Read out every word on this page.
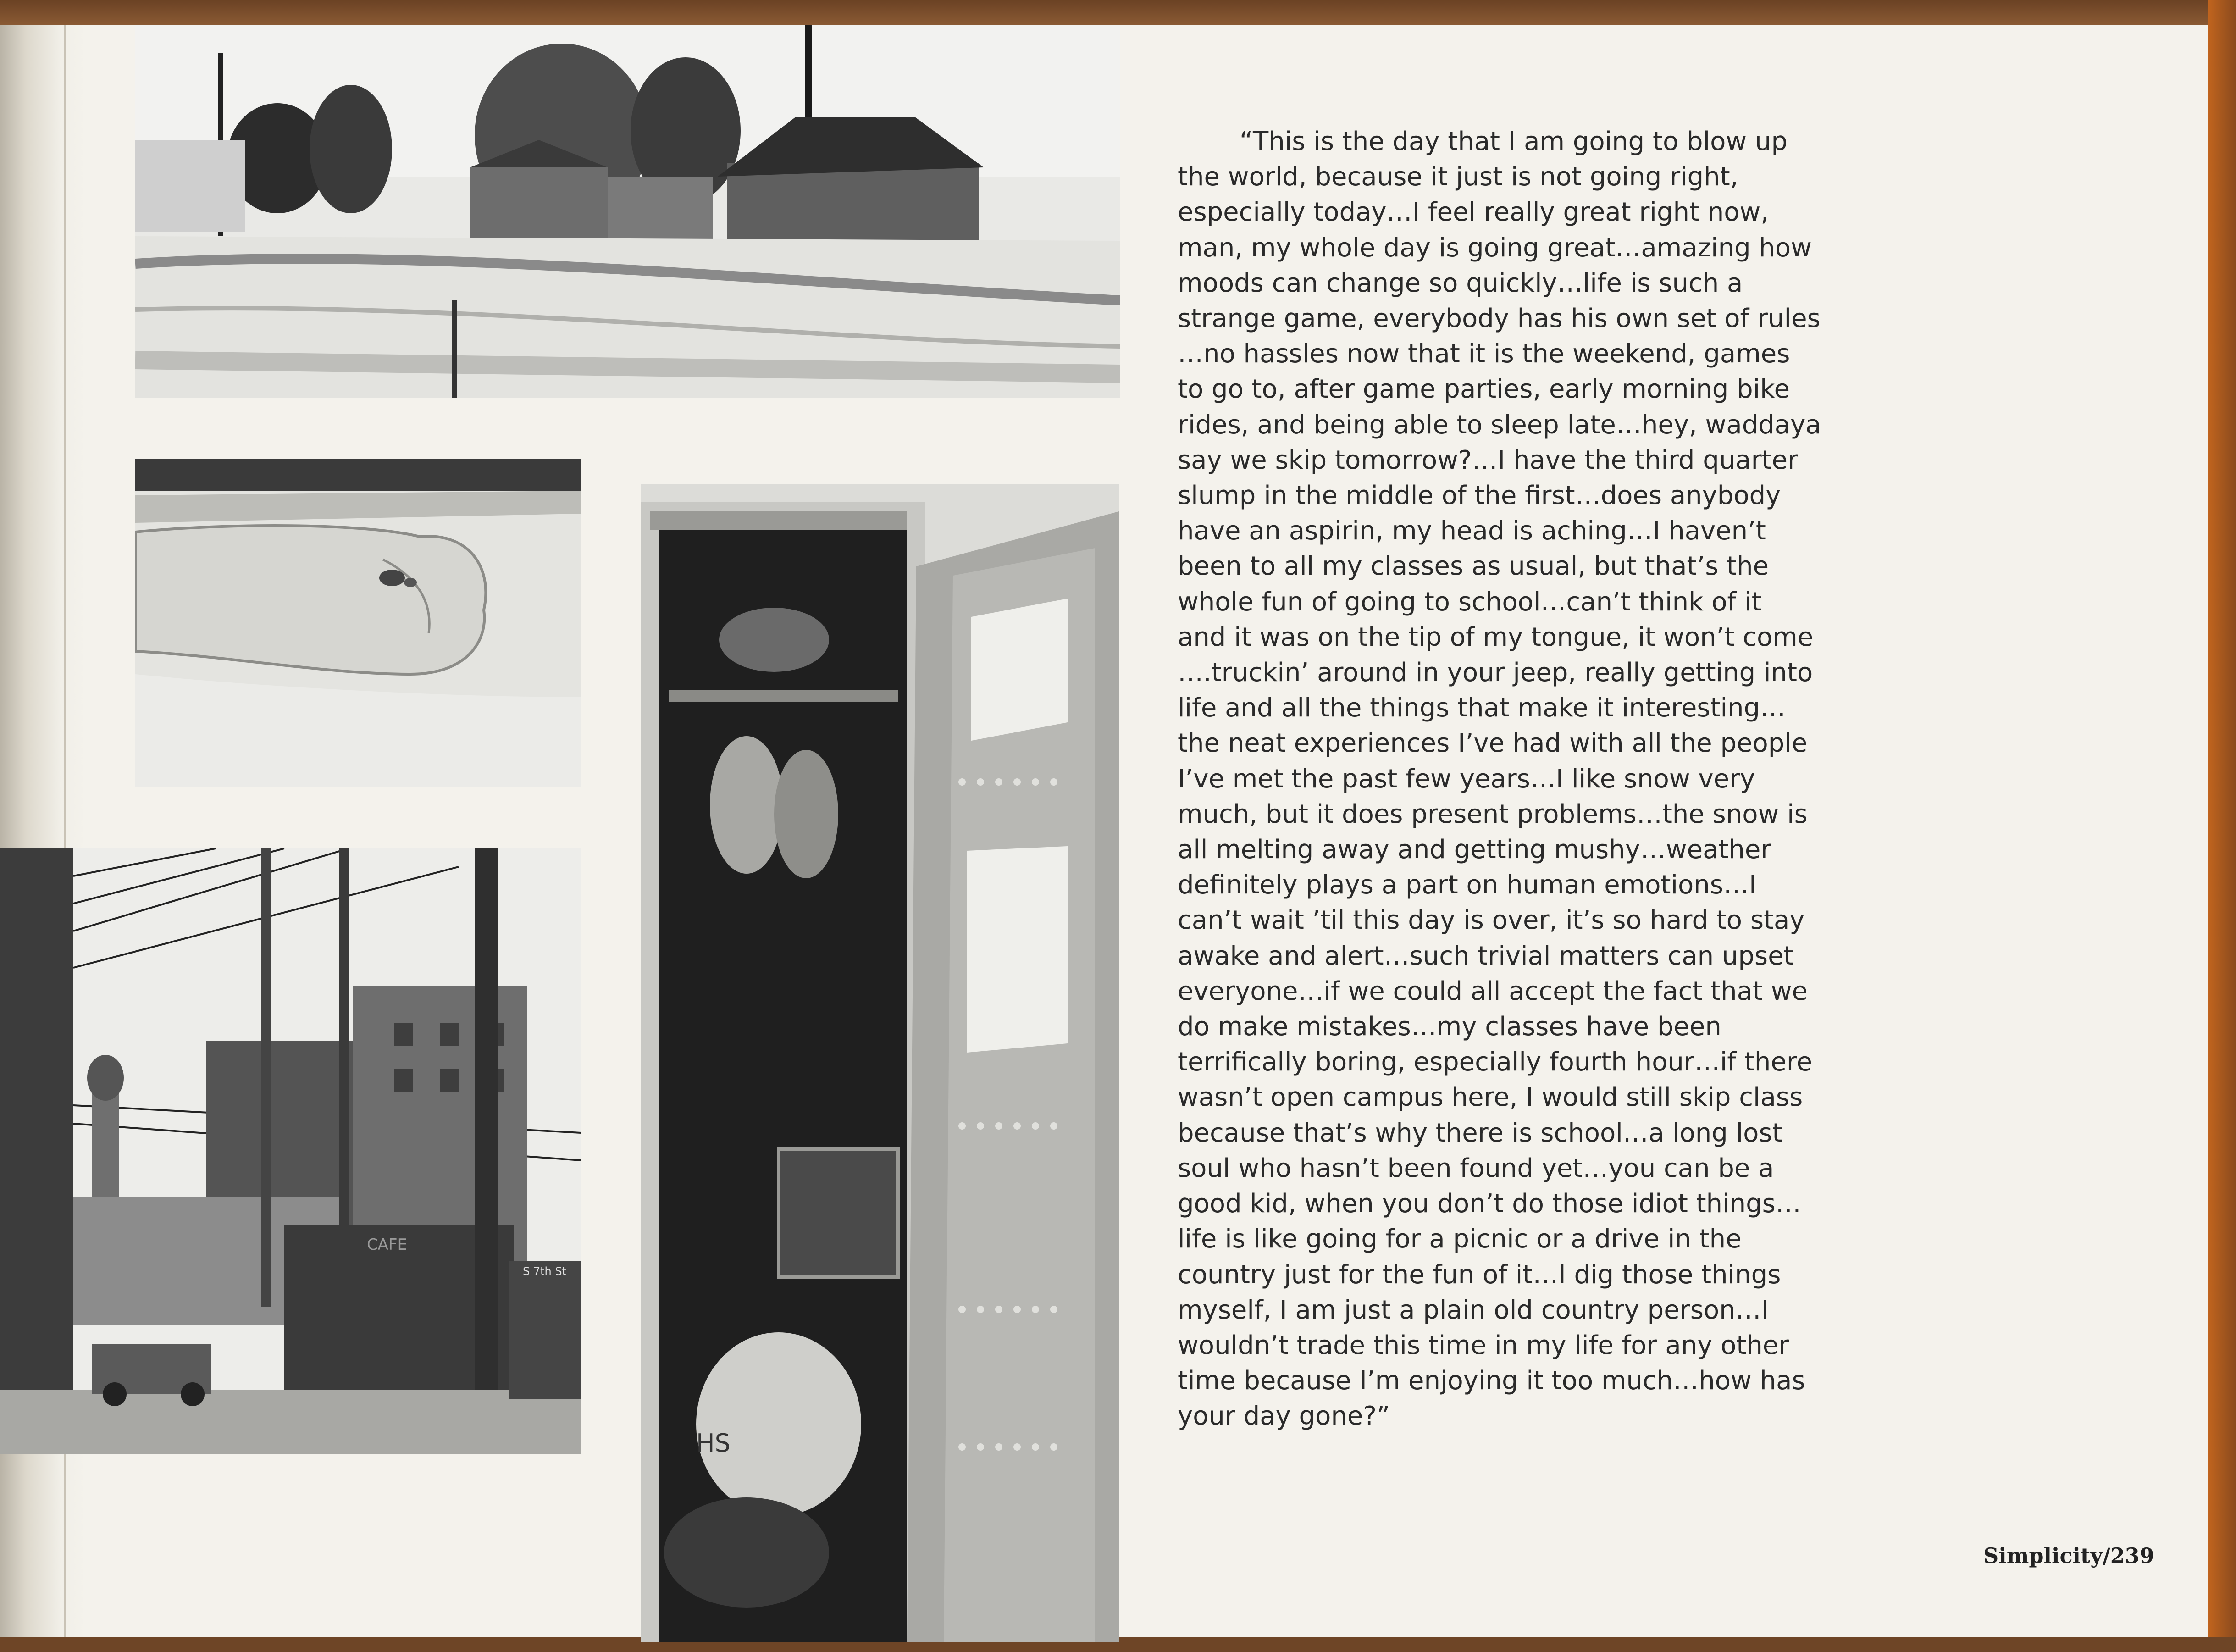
CAFE
S 7th St
HS
“This is the day that I am going to blow up
the world, because it just is not going right,
especially today…I feel really great right now,
man, my whole day is going great…amazing how
moods can change so quickly…life is such a
strange game, everybody has his own set of rules
…no hassles now that it is the weekend, games
to go to, after game parties, early morning bike
rides, and being able to sleep late…hey, waddaya
say we skip tomorrow?…I have the third quarter
slump in the middle of the first…does anybody
have an aspirin, my head is aching…I haven’t
been to all my classes as usual, but that’s the
whole fun of going to school…can’t think of it
and it was on the tip of my tongue, it won’t come
….truckin’ around in your jeep, really getting into
life and all the things that make it interesting…
the neat experiences I’ve had with all the people
I’ve met the past few years…I like snow very
much, but it does present problems…the snow is
all melting away and getting mushy…weather
definitely plays a part on human emotions…I
can’t wait ’til this day is over, it’s so hard to stay
awake and alert…such trivial matters can upset
everyone…if we could all accept the fact that we
do make mistakes…my classes have been
terrifically boring, especially fourth hour…if there
wasn’t open campus here, I would still skip class
because that’s why there is school…a long lost
soul who hasn’t been found yet…you can be a
good kid, when you don’t do those idiot things…
life is like going for a picnic or a drive in the
country just for the fun of it…I dig those things
myself, I am just a plain old country person…I
wouldn’t trade this time in my life for any other
time because I’m enjoying it too much…how has
your day gone?”
Simplicity/239
